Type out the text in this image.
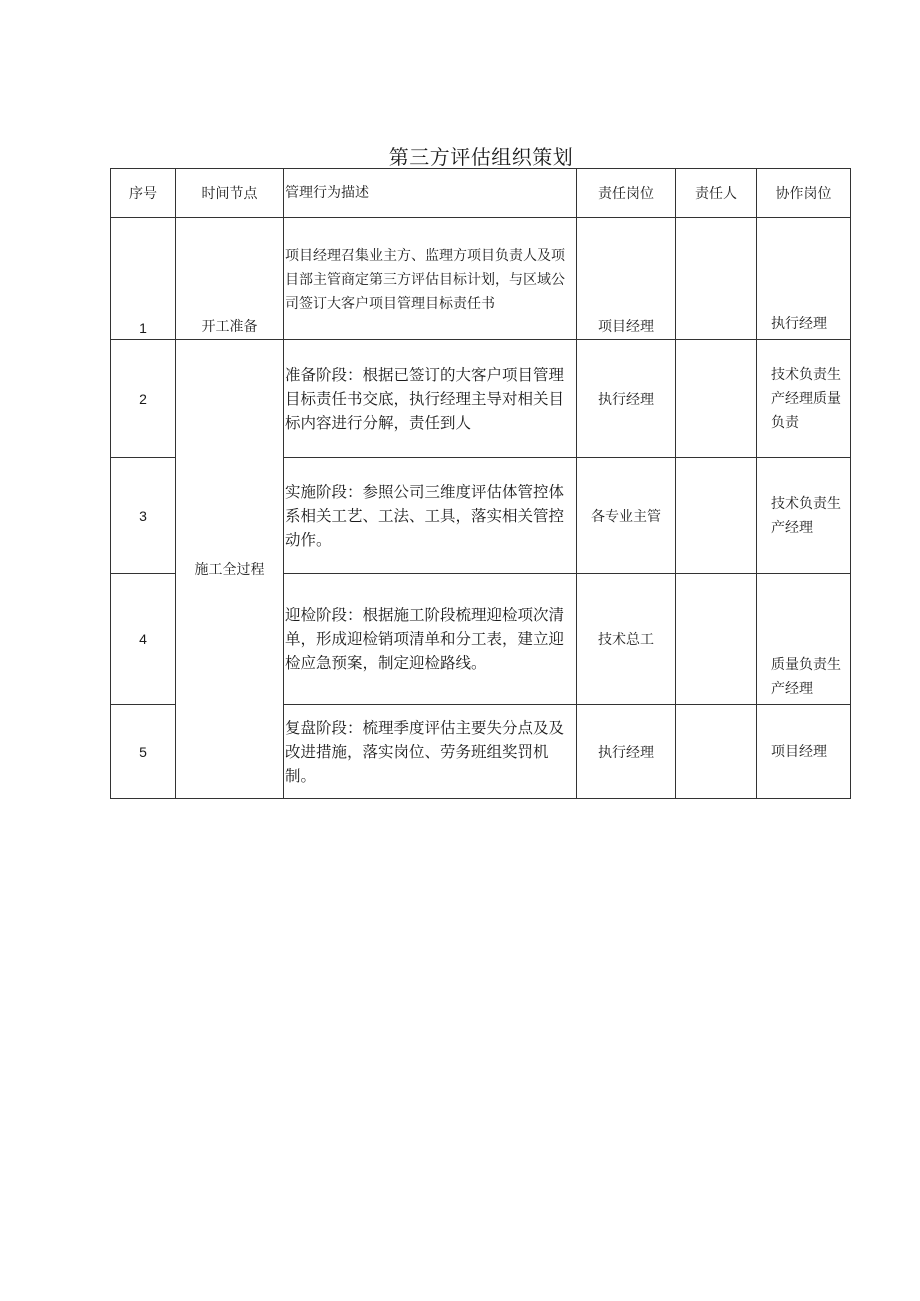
第三方评估组织策划
序号	时间节点	管理行为描述	责任岗位	责任人	协作岗位
1	开工准备	项目经理召集业主方、监理方项目负责人及项目部主管商定第三方评估目标计划，与区域公司签订大客户项目管理目标责任书	项目经理		执行经理
2	施工全过程	准备阶段：根据已签订的大客户项目管理目标责任书交底，执行经理主导对相关目标内容进行分解，责任到人	执行经理		技术负责生产经理质量负责
3		实施阶段：参照公司三维度评估体管控体系相关工艺、工法、工具，落实相关管控动作。	各专业主管		技术负责生产经理
4		迎检阶段：根据施工阶段梳理迎检项次清单，形成迎检销项清单和分工表，建立迎检应急预案，制定迎检路线。	技术总工		质量负责生产经理
5		复盘阶段：梳理季度评估主要失分点及及改进措施，落实岗位、劳务班组奖罚机制。	执行经理		项目经理
